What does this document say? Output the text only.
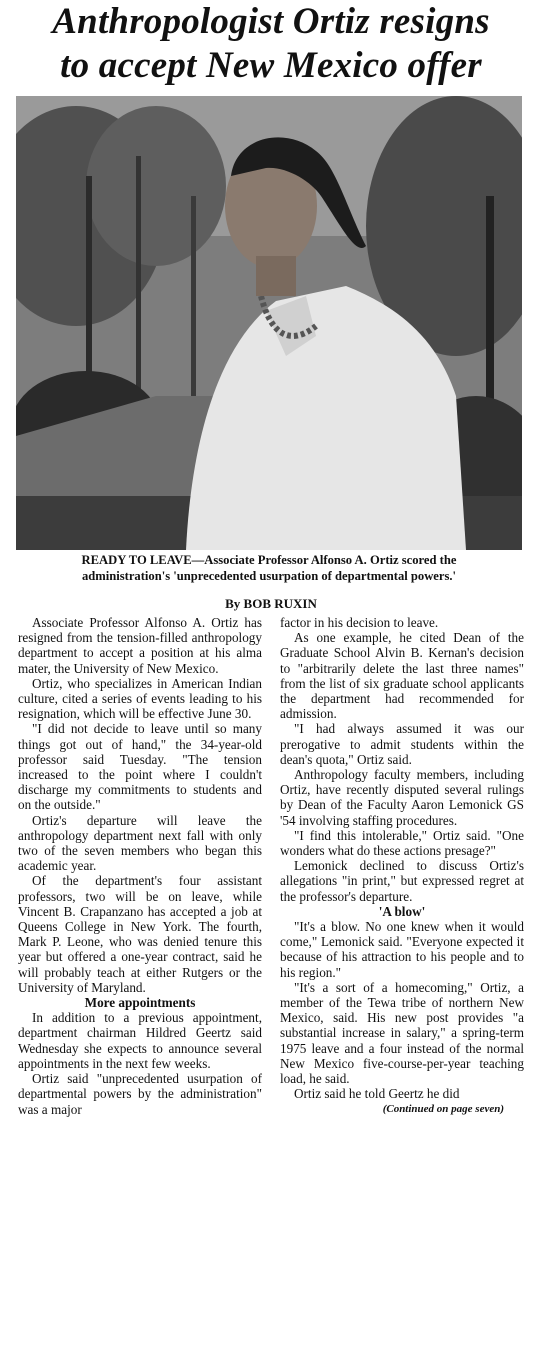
Anthropologist Ortiz resigns
to accept New Mexico offer
READY TO LEAVE—Associate Professor Alfonso A. Ortiz scored the
administration's 'unprecedented usurpation of departmental powers.'
By BOB RUXIN

Associate Professor Alfonso A. Ortiz has resigned from the tension-filled anthropology department to accept a position at his alma mater, the University of New Mexico.

Ortiz, who specializes in American Indian culture, cited a series of events leading to his resignation, which will be effective June 30.

"I did not decide to leave until so many things got out of hand," the 34-year-old professor said Tuesday. "The tension increased to the point where I couldn't discharge my commitments to students and on the outside."

Ortiz's departure will leave the anthropology department next fall with only two of the seven members who began this academic year.

Of the department's four assistant professors, two will be on leave, while Vincent B. Crapanzano has accepted a job at Queens College in New York. The fourth, Mark P. Leone, who was denied tenure this year but offered a one-year contract, said he will probably teach at either Rutgers or the University of Maryland.

More appointments

In addition to a previous appointment, department chairman Hildred Geertz said Wednesday she expects to announce several appointments in the next few weeks.

Ortiz said "unprecedented usurpation of departmental powers by the administration" was a major

factor in his decision to leave.

As one example, he cited Dean of the Graduate School Alvin B. Kernan's decision to "arbitrarily delete the last three names" from the list of six graduate school applicants the department had recommended for admission.

"I had always assumed it was our prerogative to admit students within the dean's quota," Ortiz said.

Anthropology faculty members, including Ortiz, have recently disputed several rulings by Dean of the Faculty Aaron Lemonick GS '54 involving staffing procedures.

"I find this intolerable," Ortiz said. "One wonders what do these actions presage?"

Lemonick declined to discuss Ortiz's allegations "in print," but expressed regret at the professor's departure.

'A blow'

"It's a blow. No one knew when it would come," Lemonick said. "Everyone expected it because of his attraction to his people and to his region."

"It's a sort of a homecoming," Ortiz, a member of the Tewa tribe of northern New Mexico, said. His new post provides "a substantial increase in salary," a spring-term 1975 leave and a four instead of the normal New Mexico five-course-per-year teaching load, he said.

Ortiz said he told Geertz he did

(Continued on page seven)
